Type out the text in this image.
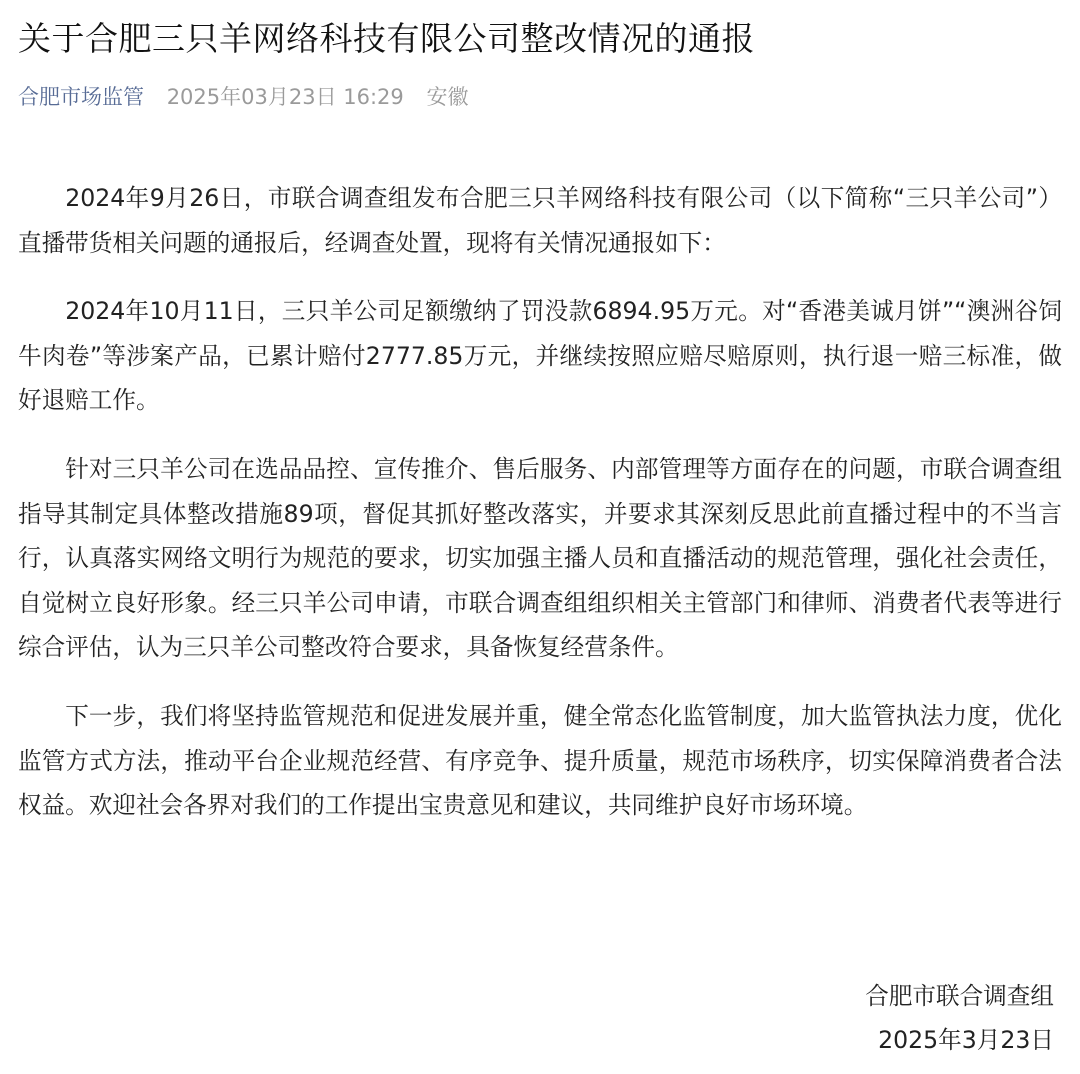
关于合肥三只羊网络科技有限公司整改情况的通报
合肥市场监管 2025年03月23日 16:29 安徽

2024年9月26日，市联合调查组发布合肥三只羊网络科技有限公司（以下简称“三只羊公司”）直播带货相关问题的通报后，经调查处置，现将有关情况通报如下：

2024年10月11日，三只羊公司足额缴纳了罚没款6894.95万元。对“香港美诚月饼”“澳洲谷饲牛肉卷”等涉案产品，已累计赔付2777.85万元，并继续按照应赔尽赔原则，执行退一赔三标准，做好退赔工作。

针对三只羊公司在选品品控、宣传推介、售后服务、内部管理等方面存在的问题，市联合调查组指导其制定具体整改措施89项，督促其抓好整改落实，并要求其深刻反思此前直播过程中的不当言行，认真落实网络文明行为规范的要求，切实加强主播人员和直播活动的规范管理，强化社会责任，自觉树立良好形象。经三只羊公司申请，市联合调查组组织相关主管部门和律师、消费者代表等进行综合评估，认为三只羊公司整改符合要求，具备恢复经营条件。

下一步，我们将坚持监管规范和促进发展并重，健全常态化监管制度，加大监管执法力度，优化监管方式方法，推动平台企业规范经营、有序竞争、提升质量，规范市场秩序，切实保障消费者合法权益。欢迎社会各界对我们的工作提出宝贵意见和建议，共同维护良好市场环境。

合肥市联合调查组
2025年3月23日
